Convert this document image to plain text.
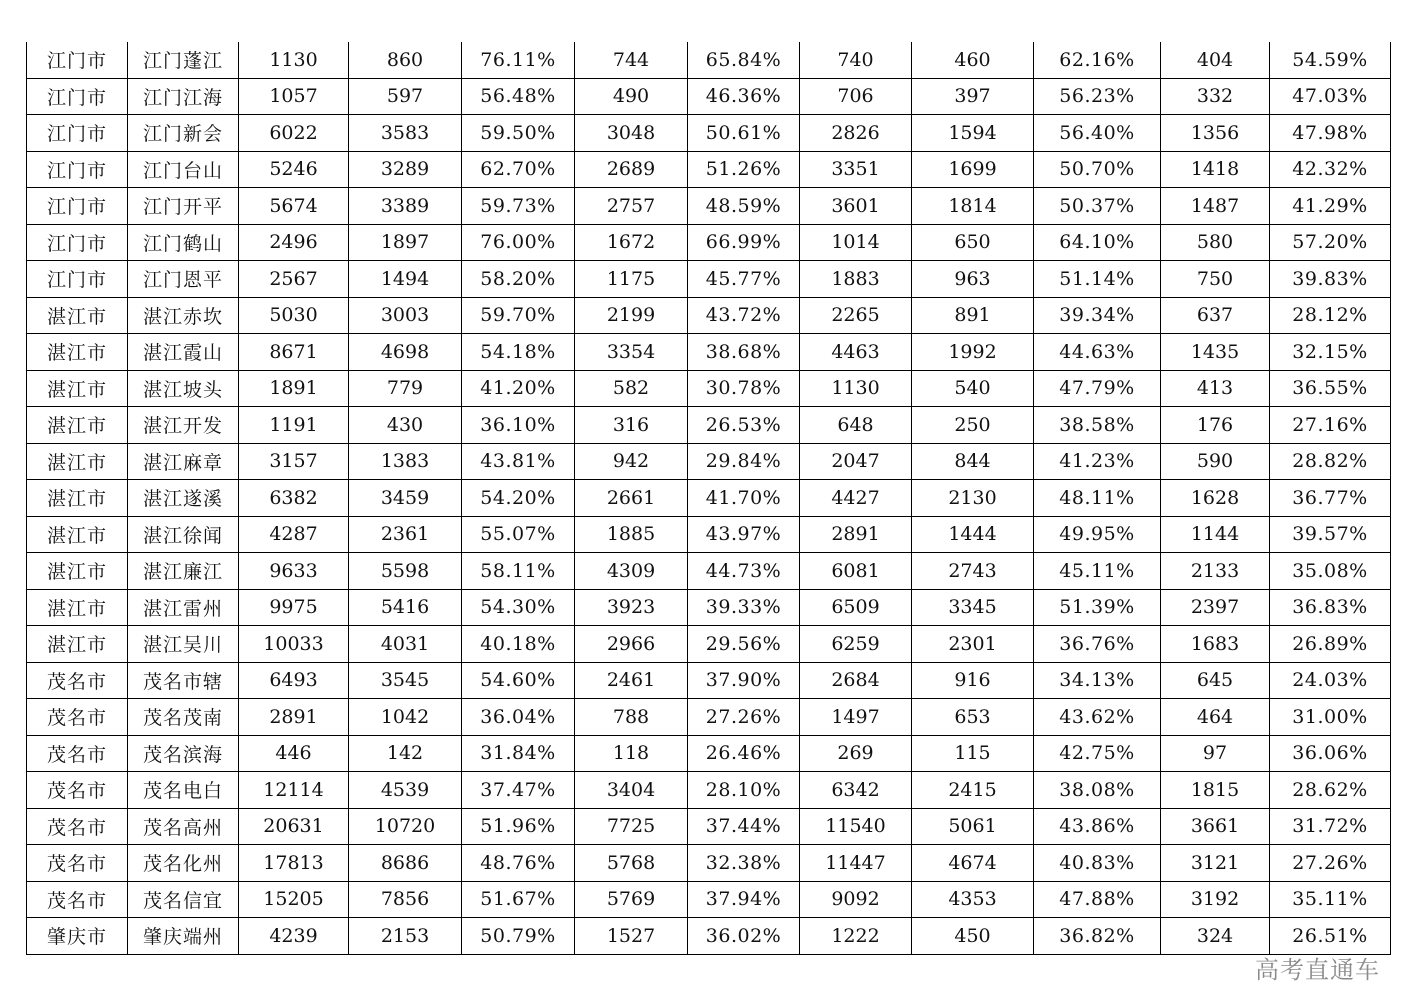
江门市	江门蓬江	1130	860	76.11%	744	65.84%	740	460	62.16%	404	54.59%
江门市	江门江海	1057	597	56.48%	490	46.36%	706	397	56.23%	332	47.03%
江门市	江门新会	6022	3583	59.50%	3048	50.61%	2826	1594	56.40%	1356	47.98%
江门市	江门台山	5246	3289	62.70%	2689	51.26%	3351	1699	50.70%	1418	42.32%
江门市	江门开平	5674	3389	59.73%	2757	48.59%	3601	1814	50.37%	1487	41.29%
江门市	江门鹤山	2496	1897	76.00%	1672	66.99%	1014	650	64.10%	580	57.20%
江门市	江门恩平	2567	1494	58.20%	1175	45.77%	1883	963	51.14%	750	39.83%
湛江市	湛江赤坎	5030	3003	59.70%	2199	43.72%	2265	891	39.34%	637	28.12%
湛江市	湛江霞山	8671	4698	54.18%	3354	38.68%	4463	1992	44.63%	1435	32.15%
湛江市	湛江坡头	1891	779	41.20%	582	30.78%	1130	540	47.79%	413	36.55%
湛江市	湛江开发	1191	430	36.10%	316	26.53%	648	250	38.58%	176	27.16%
湛江市	湛江麻章	3157	1383	43.81%	942	29.84%	2047	844	41.23%	590	28.82%
湛江市	湛江遂溪	6382	3459	54.20%	2661	41.70%	4427	2130	48.11%	1628	36.77%
湛江市	湛江徐闻	4287	2361	55.07%	1885	43.97%	2891	1444	49.95%	1144	39.57%
湛江市	湛江廉江	9633	5598	58.11%	4309	44.73%	6081	2743	45.11%	2133	35.08%
湛江市	湛江雷州	9975	5416	54.30%	3923	39.33%	6509	3345	51.39%	2397	36.83%
湛江市	湛江吴川	10033	4031	40.18%	2966	29.56%	6259	2301	36.76%	1683	26.89%
茂名市	茂名市辖	6493	3545	54.60%	2461	37.90%	2684	916	34.13%	645	24.03%
茂名市	茂名茂南	2891	1042	36.04%	788	27.26%	1497	653	43.62%	464	31.00%
茂名市	茂名滨海	446	142	31.84%	118	26.46%	269	115	42.75%	97	36.06%
茂名市	茂名电白	12114	4539	37.47%	3404	28.10%	6342	2415	38.08%	1815	28.62%
茂名市	茂名高州	20631	10720	51.96%	7725	37.44%	11540	5061	43.86%	3661	31.72%
茂名市	茂名化州	17813	8686	48.76%	5768	32.38%	11447	4674	40.83%	3121	27.26%
茂名市	茂名信宜	15205	7856	51.67%	5769	37.94%	9092	4353	47.88%	3192	35.11%
肇庆市	肇庆端州	4239	2153	50.79%	1527	36.02%	1222	450	36.82%	324	26.51%
高考直通车
